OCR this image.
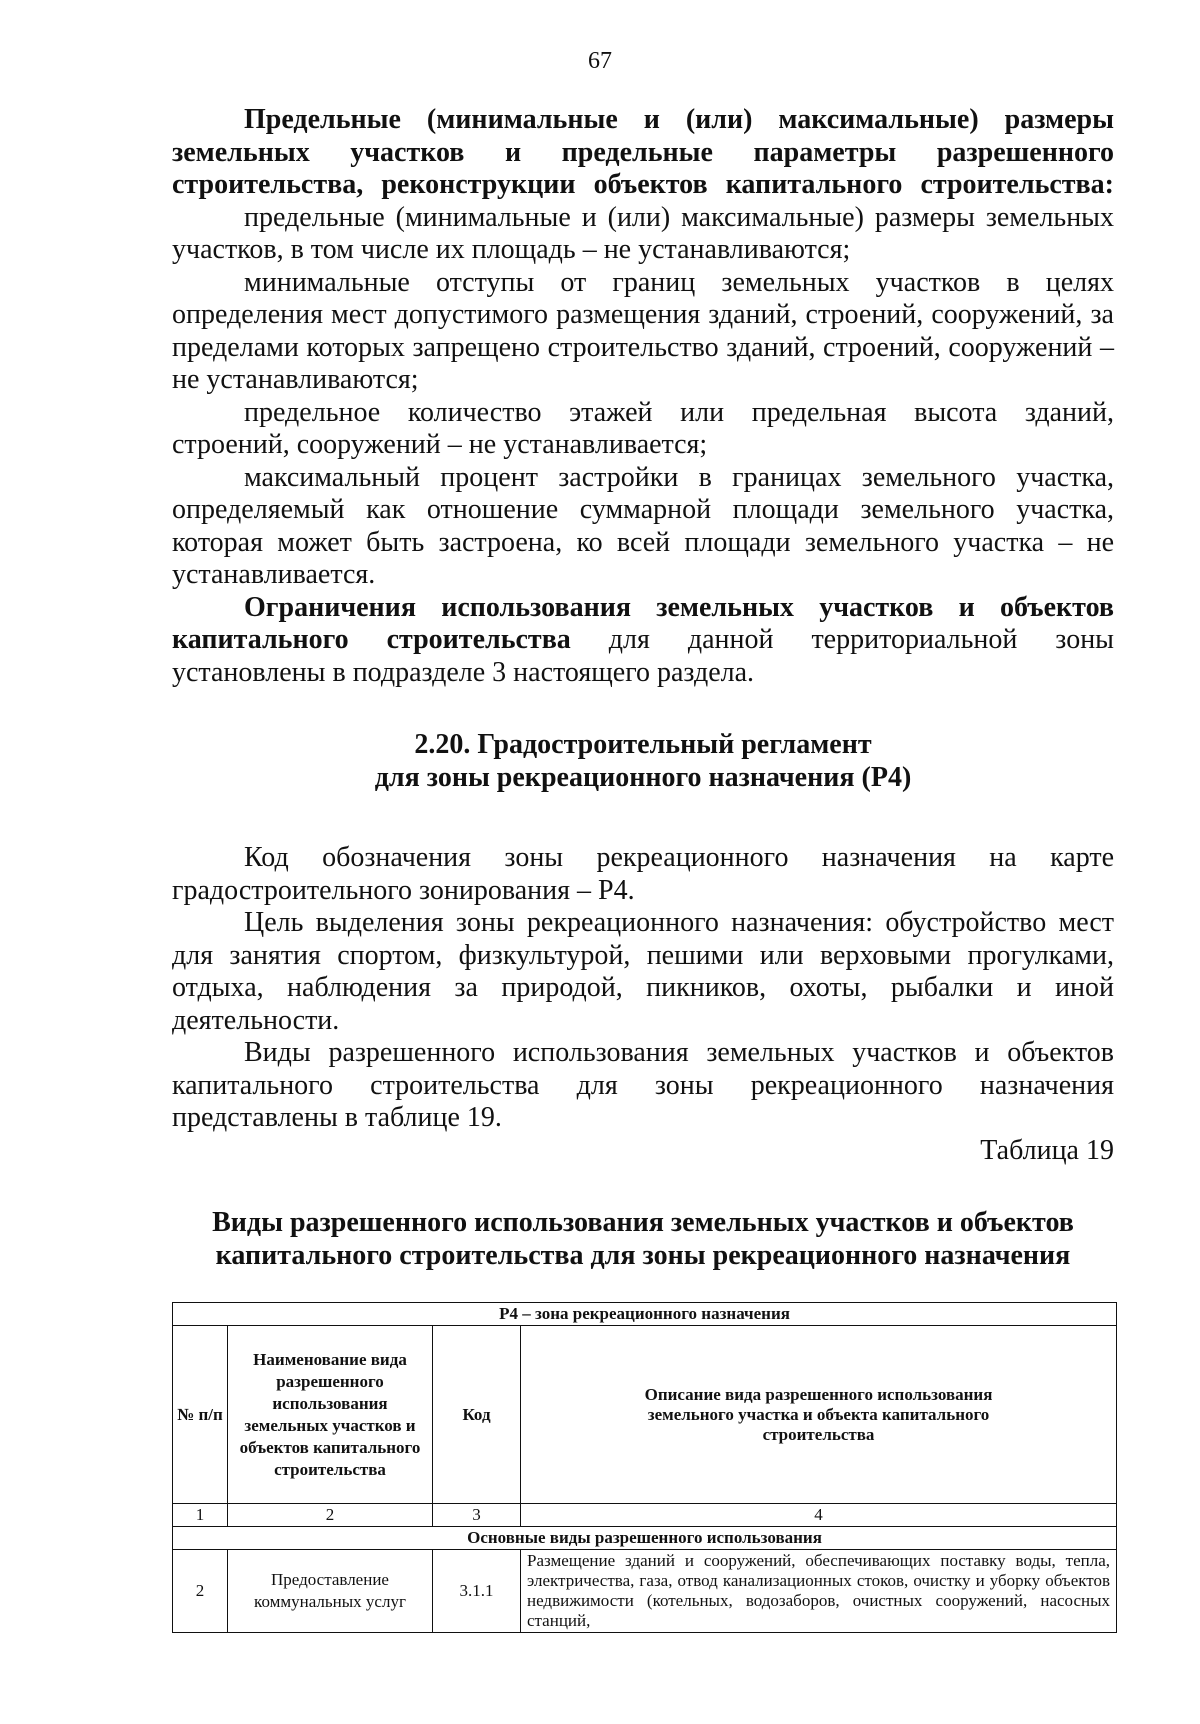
67

Предельные (минимальные и (или) максимальные) размеры земельных участков и предельные параметры разрешенного строительства, реконструкции объектов капитального строительства:

предельные (минимальные и (или) максимальные) размеры земельных участков, в том числе их площадь – не устанавливаются;

минимальные отступы от границ земельных участков в целях определения мест допустимого размещения зданий, строений, сооружений, за пределами которых запрещено строительство зданий, строений, сооружений – не устанавливаются;

предельное количество этажей или предельная высота зданий, строений, сооружений – не устанавливается;

максимальный процент застройки в границах земельного участка, определяемый как отношение суммарной площади земельного участка, которая может быть застроена, ко всей площади земельного участка – не устанавливается.

Ограничения использования земельных участков и объектов капитального строительства для данной территориальной зоны установлены в подразделе 3 настоящего раздела.

2.20. Градостроительный регламент
для зоны рекреационного назначения (Р4)

Код обозначения зоны рекреационного назначения на карте градостроительного зонирования – Р4.

Цель выделения зоны рекреационного назначения: обустройство мест для занятия спортом, физкультурой, пешими или верховыми прогулками, отдыха, наблюдения за природой, пикников, охоты, рыбалки и иной деятельности.

Виды разрешенного использования земельных участков и объектов капитального строительства для зоны рекреационного назначения представлены в таблице 19.

Таблица 19

Виды разрешенного использования земельных участков и объектов
капитального строительства для зоны рекреационного назначения

Р4 – зона рекреационного назначения			
№ п/п	Наименование вида разрешенного использования земельных участков и объектов капитального строительства	Код	Описание вида разрешенного использования земельного участка и объекта капитального строительства
1	2	3	4
Основные виды разрешенного использования			
2	Предоставление коммунальных услуг	3.1.1	Размещение зданий и сооружений, обеспечивающих поставку воды, тепла, электричества, газа, отвод канализационных стоков, очистку и уборку объектов недвижимости (котельных, водозаборов, очистных сооружений, насосных станций,
